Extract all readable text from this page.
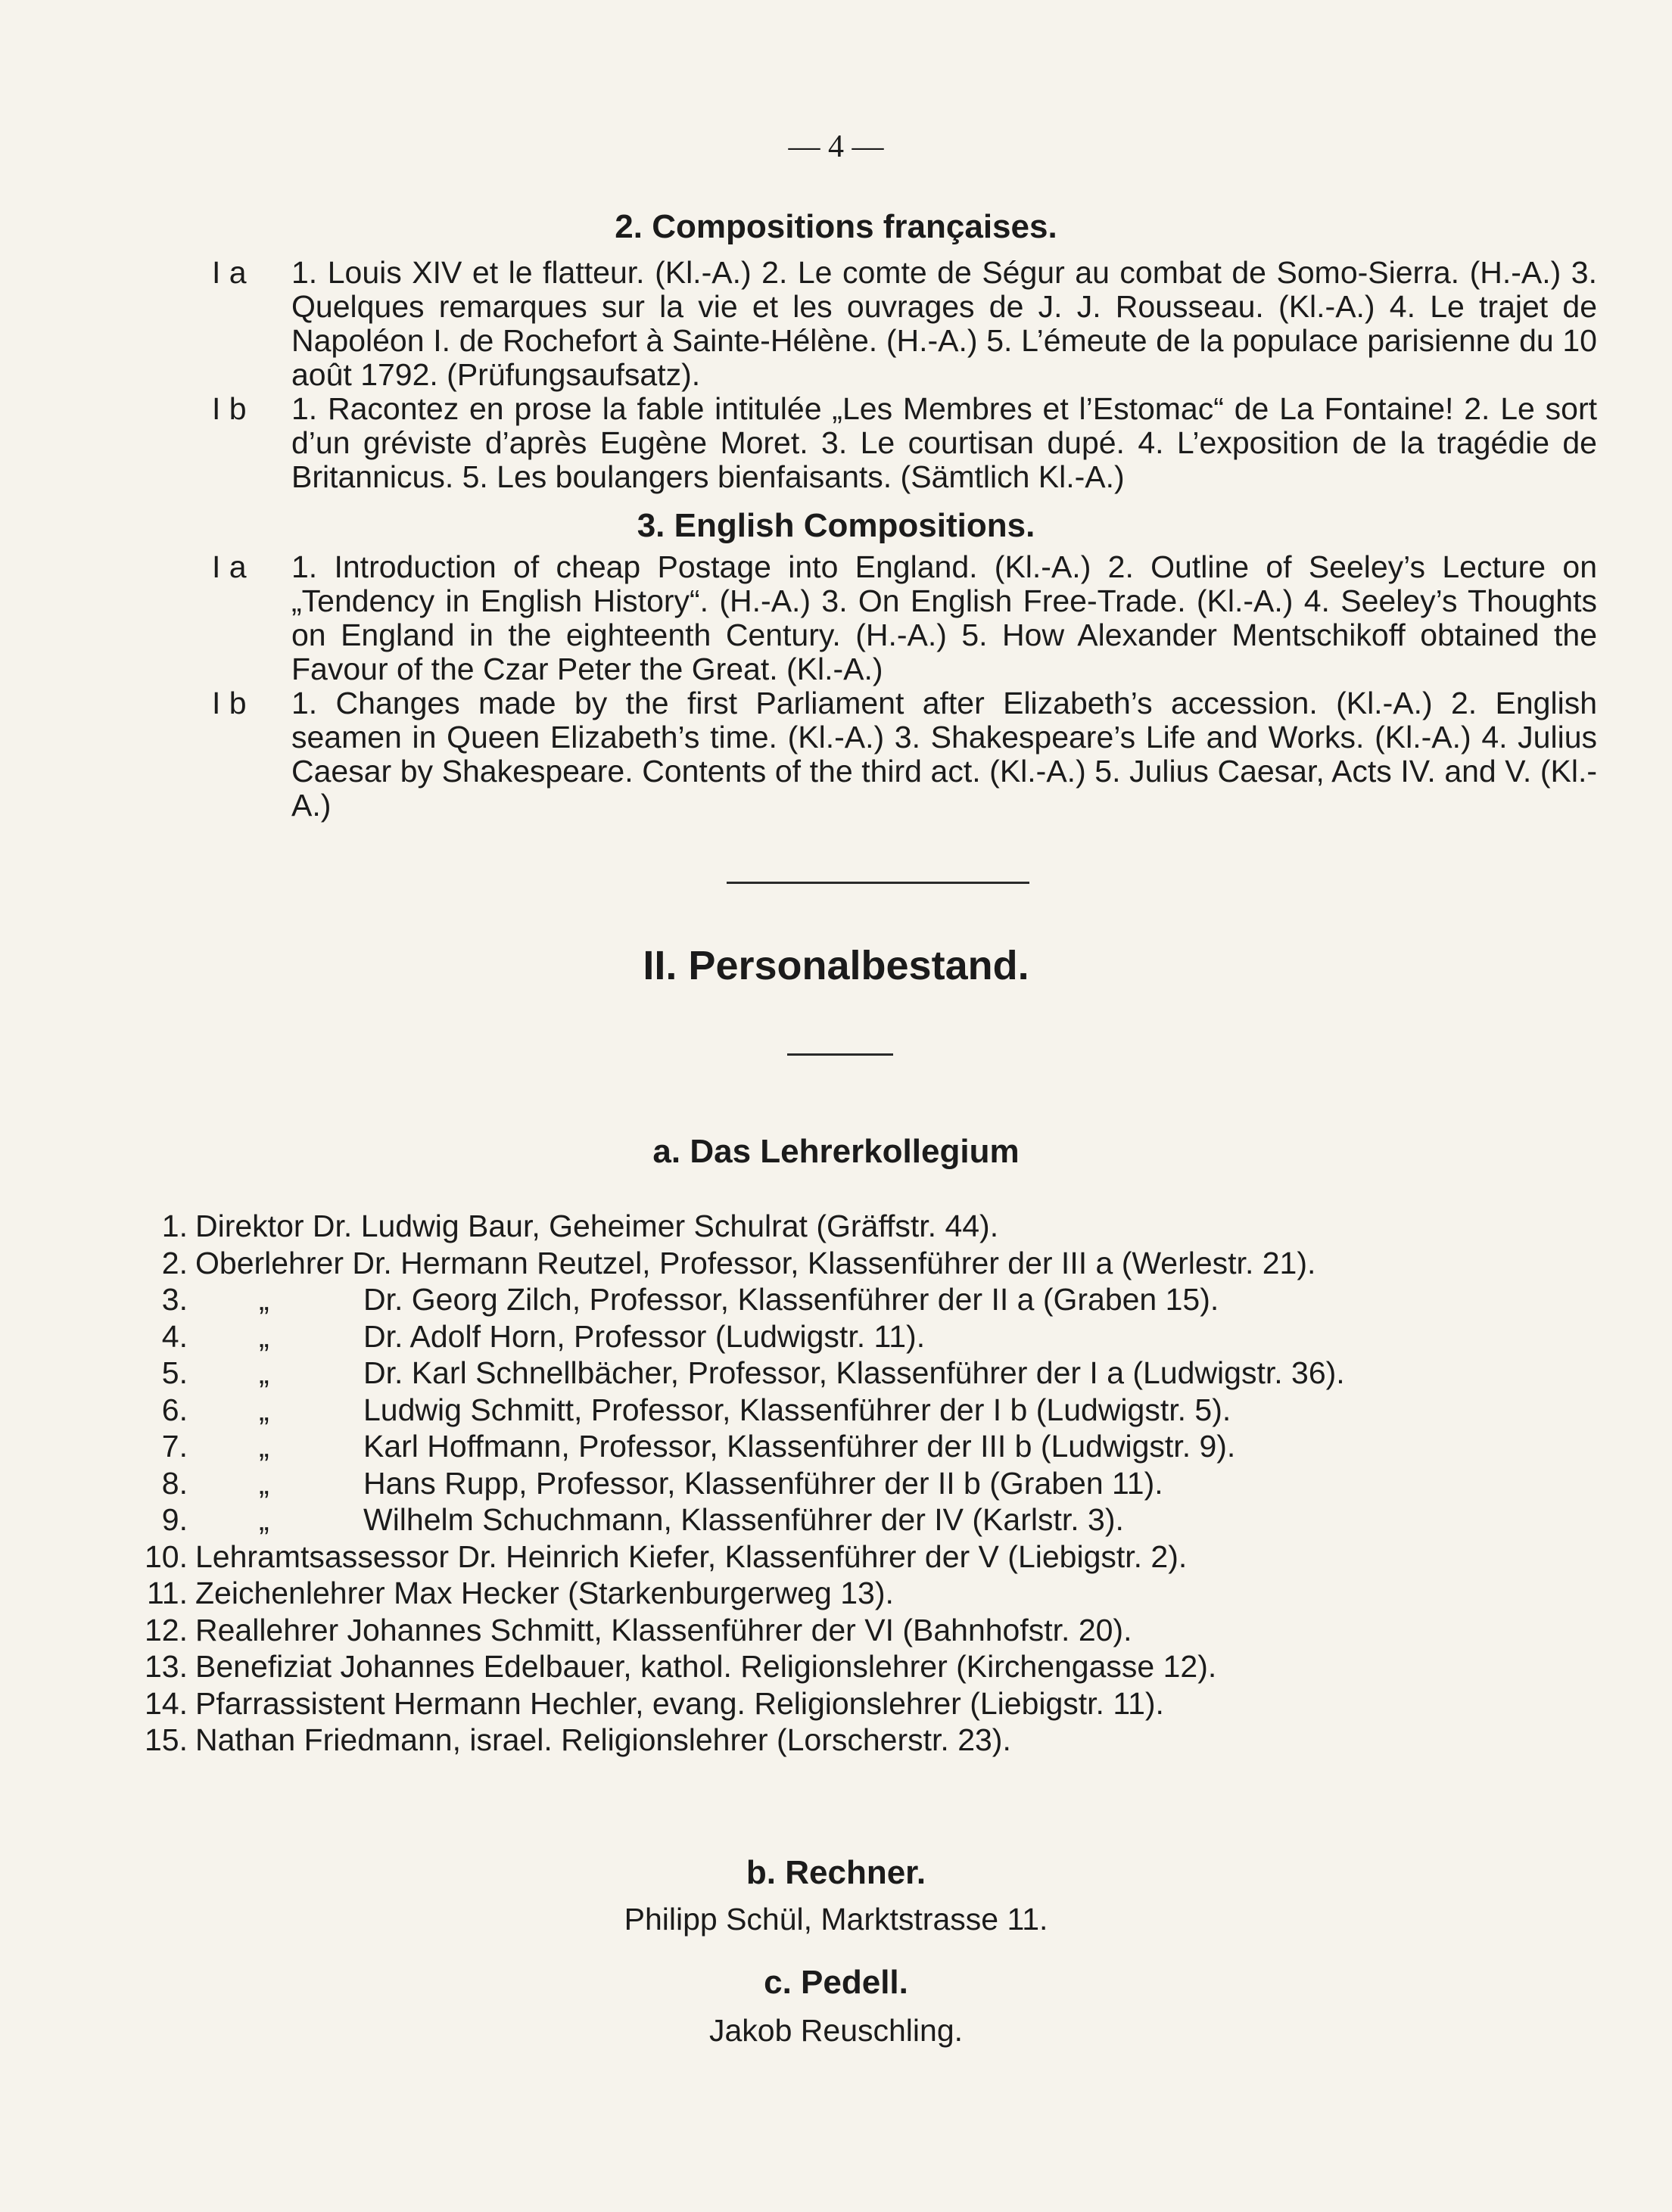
— 4 —
2. Compositions françaises.
I a	1. Louis XIV et le flatteur. (Kl.-A.) 2. Le comte de Ségur au combat de Somo-Sierra. (H.-A.) 3. Quelques remarques sur la vie et les ouvrages de J. J. Rousseau. (Kl.-A.) 4. Le trajet de Napoléon I. de Rochefort à Sainte-Hélène. (H.-A.) 5. L’émeute de la populace parisienne du 10 août 1792. (Prüfungsaufsatz).
I b	1. Racontez en prose la fable intitulée „Les Membres et l’Estomac“ de La Fontaine! 2. Le sort d’un gréviste d’après Eugène Moret. 3. Le courtisan dupé. 4. L’exposition de la tragédie de Britannicus. 5. Les boulangers bienfaisants. (Sämtlich Kl.-A.)
3. English Compositions.
I a	1. Introduction of cheap Postage into England. (Kl.-A.) 2. Outline of Seeley’s Lecture on „Tendency in English History“. (H.-A.) 3. On English Free-Trade. (Kl.-A.) 4. Seeley’s Thoughts on England in the eighteenth Century. (H.-A.) 5. How Alexander Mentschikoff obtained the Favour of the Czar Peter the Great. (Kl.-A.)
I b	1. Changes made by the first Parliament after Elizabeth’s accession. (Kl.-A.) 2. English seamen in Queen Elizabeth’s time. (Kl.-A.) 3. Shakespeare’s Life and Works. (Kl.-A.) 4. Julius Caesar by Shakespeare. Contents of the third act. (Kl.-A.) 5. Julius Caesar, Acts IV. and V. (Kl.-A.)
II. Personalbestand.
a. Das Lehrerkollegium
1. Direktor Dr. Ludwig Baur, Geheimer Schulrat (Gräffstr. 44).
2. Oberlehrer Dr. Hermann Reutzel, Professor, Klassenführer der III a (Werlestr. 21).
3. „	Dr. Georg Zilch, Professor, Klassenführer der II a (Graben 15).
4. „	Dr. Adolf Horn, Professor (Ludwigstr. 11).
5. „	Dr. Karl Schnellbächer, Professor, Klassenführer der I a (Ludwigstr. 36).
6. „	Ludwig Schmitt, Professor, Klassenführer der I b (Ludwigstr. 5).
7. „	Karl Hoffmann, Professor, Klassenführer der III b (Ludwigstr. 9).
8. „	Hans Rupp, Professor, Klassenführer der II b (Graben 11).
9. „	Wilhelm Schuchmann, Klassenführer der IV (Karlstr. 3).
10. Lehramtsassessor Dr. Heinrich Kiefer, Klassenführer der V (Liebigstr. 2).
11. Zeichenlehrer Max Hecker (Starkenburgerweg 13).
12. Reallehrer Johannes Schmitt, Klassenführer der VI (Bahnhofstr. 20).
13. Benefiziat Johannes Edelbauer, kathol. Religionslehrer (Kirchengasse 12).
14. Pfarrassistent Hermann Hechler, evang. Religionslehrer (Liebigstr. 11).
15. Nathan Friedmann, israel. Religionslehrer (Lorscherstr. 23).
b. Rechner.
Philipp Schül, Marktstrasse 11.
c. Pedell.
Jakob Reuschling.
